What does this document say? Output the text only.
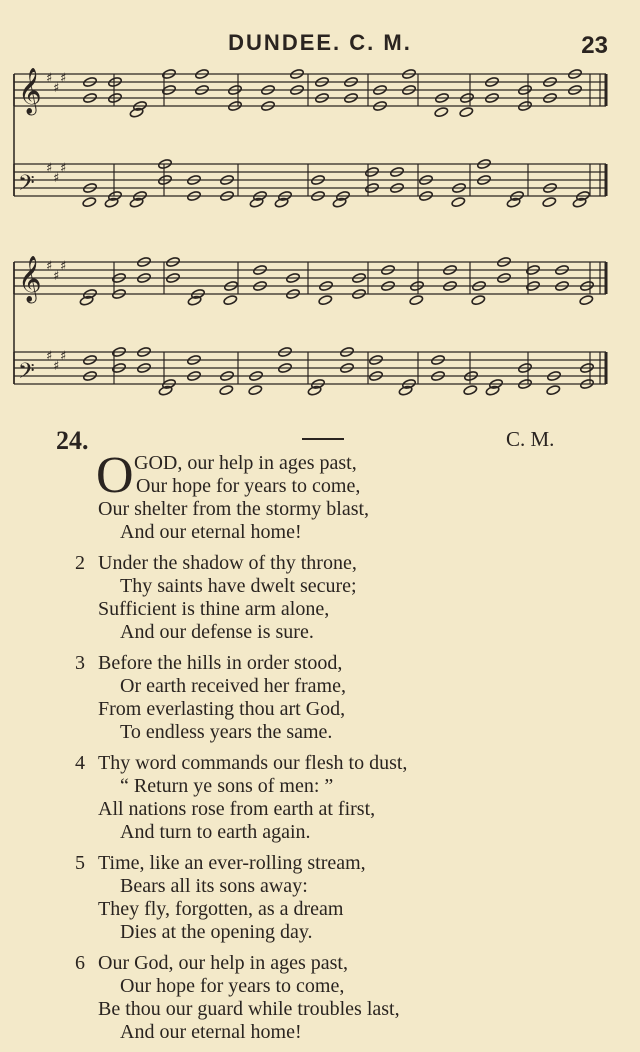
DUNDEE. C. M.	23
𝄞 ♯
♯
♯
𝄢
♯
♯
♯
𝄞 ♯
♯
♯
𝄢
♯
♯
♯
24.	C. M.
O GOD, our help in ages past,
Our hope for years to come,
Our shelter from the stormy blast,
And our eternal home!
2 Under the shadow of thy throne,
Thy saints have dwelt secure;
Sufficient is thine arm alone,
And our defense is sure.
3 Before the hills in order stood,
Or earth received her frame,
From everlasting thou art God,
To endless years the same.
4 Thy word commands our flesh to dust,
“ Return ye sons of men: ”
All nations rose from earth at first,
And turn to earth again.
5 Time, like an ever-rolling stream,
Bears all its sons away:
They fly, forgotten, as a dream
Dies at the opening day.
6 Our God, our help in ages past,
Our hope for years to come,
Be thou our guard while troubles last,
And our eternal home!
